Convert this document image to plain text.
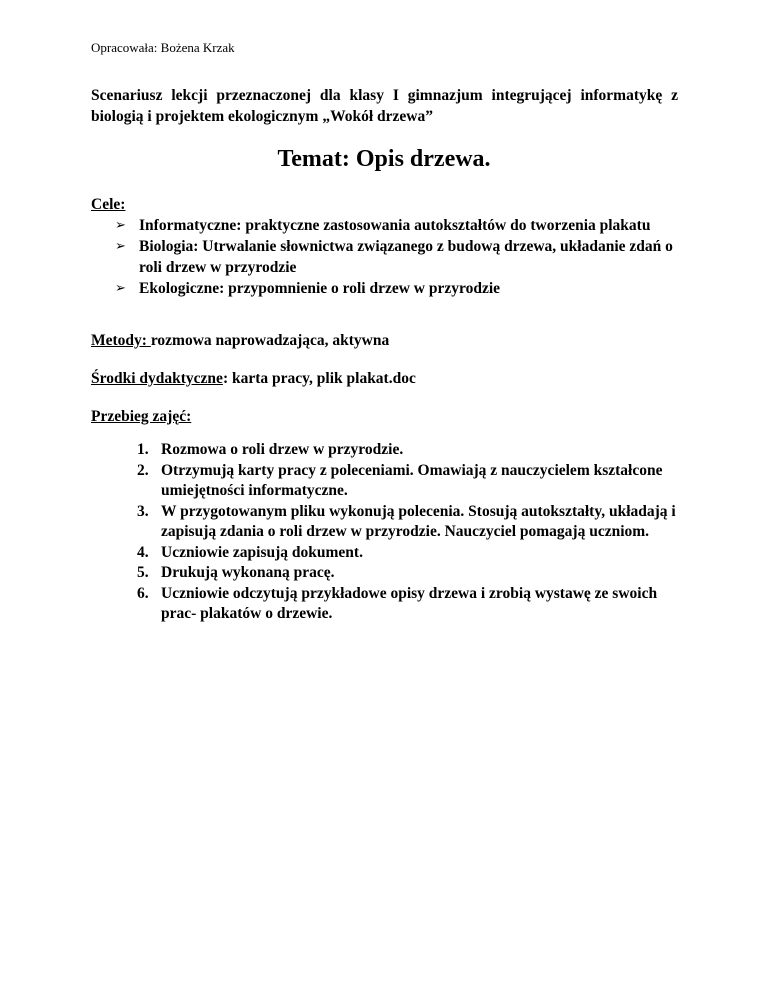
Opracowała: Bożena Krzak
Scenariusz lekcji przeznaczonej dla klasy I gimnazjum integrującej informatykę z biologią i projektem ekologicznym „Wokół drzewa”
Temat: Opis drzewa.
Cele:
➢ Informatyczne: praktyczne zastosowania autokształtów do tworzenia plakatu
➢ Biologia: Utrwalanie słownictwa związanego z budową drzewa, układanie zdań o roli drzew w przyrodzie
➢ Ekologiczne: przypomnienie o roli drzew w przyrodzie
Metody: rozmowa naprowadzająca, aktywna
Środki dydaktyczne: karta pracy, plik plakat.doc
Przebieg zajęć:
1. Rozmowa o roli drzew w przyrodzie.
2. Otrzymują karty pracy z poleceniami. Omawiają z nauczycielem kształcone umiejętności informatyczne.
3. W przygotowanym pliku wykonują polecenia. Stosują autokształty, układają i zapisują zdania o roli drzew w przyrodzie. Nauczyciel pomagają uczniom.
4. Uczniowie zapisują dokument.
5. Drukują wykonaną pracę.
6. Uczniowie odczytują przykładowe opisy drzewa i zrobią wystawę ze swoich prac- plakatów o drzewie.
